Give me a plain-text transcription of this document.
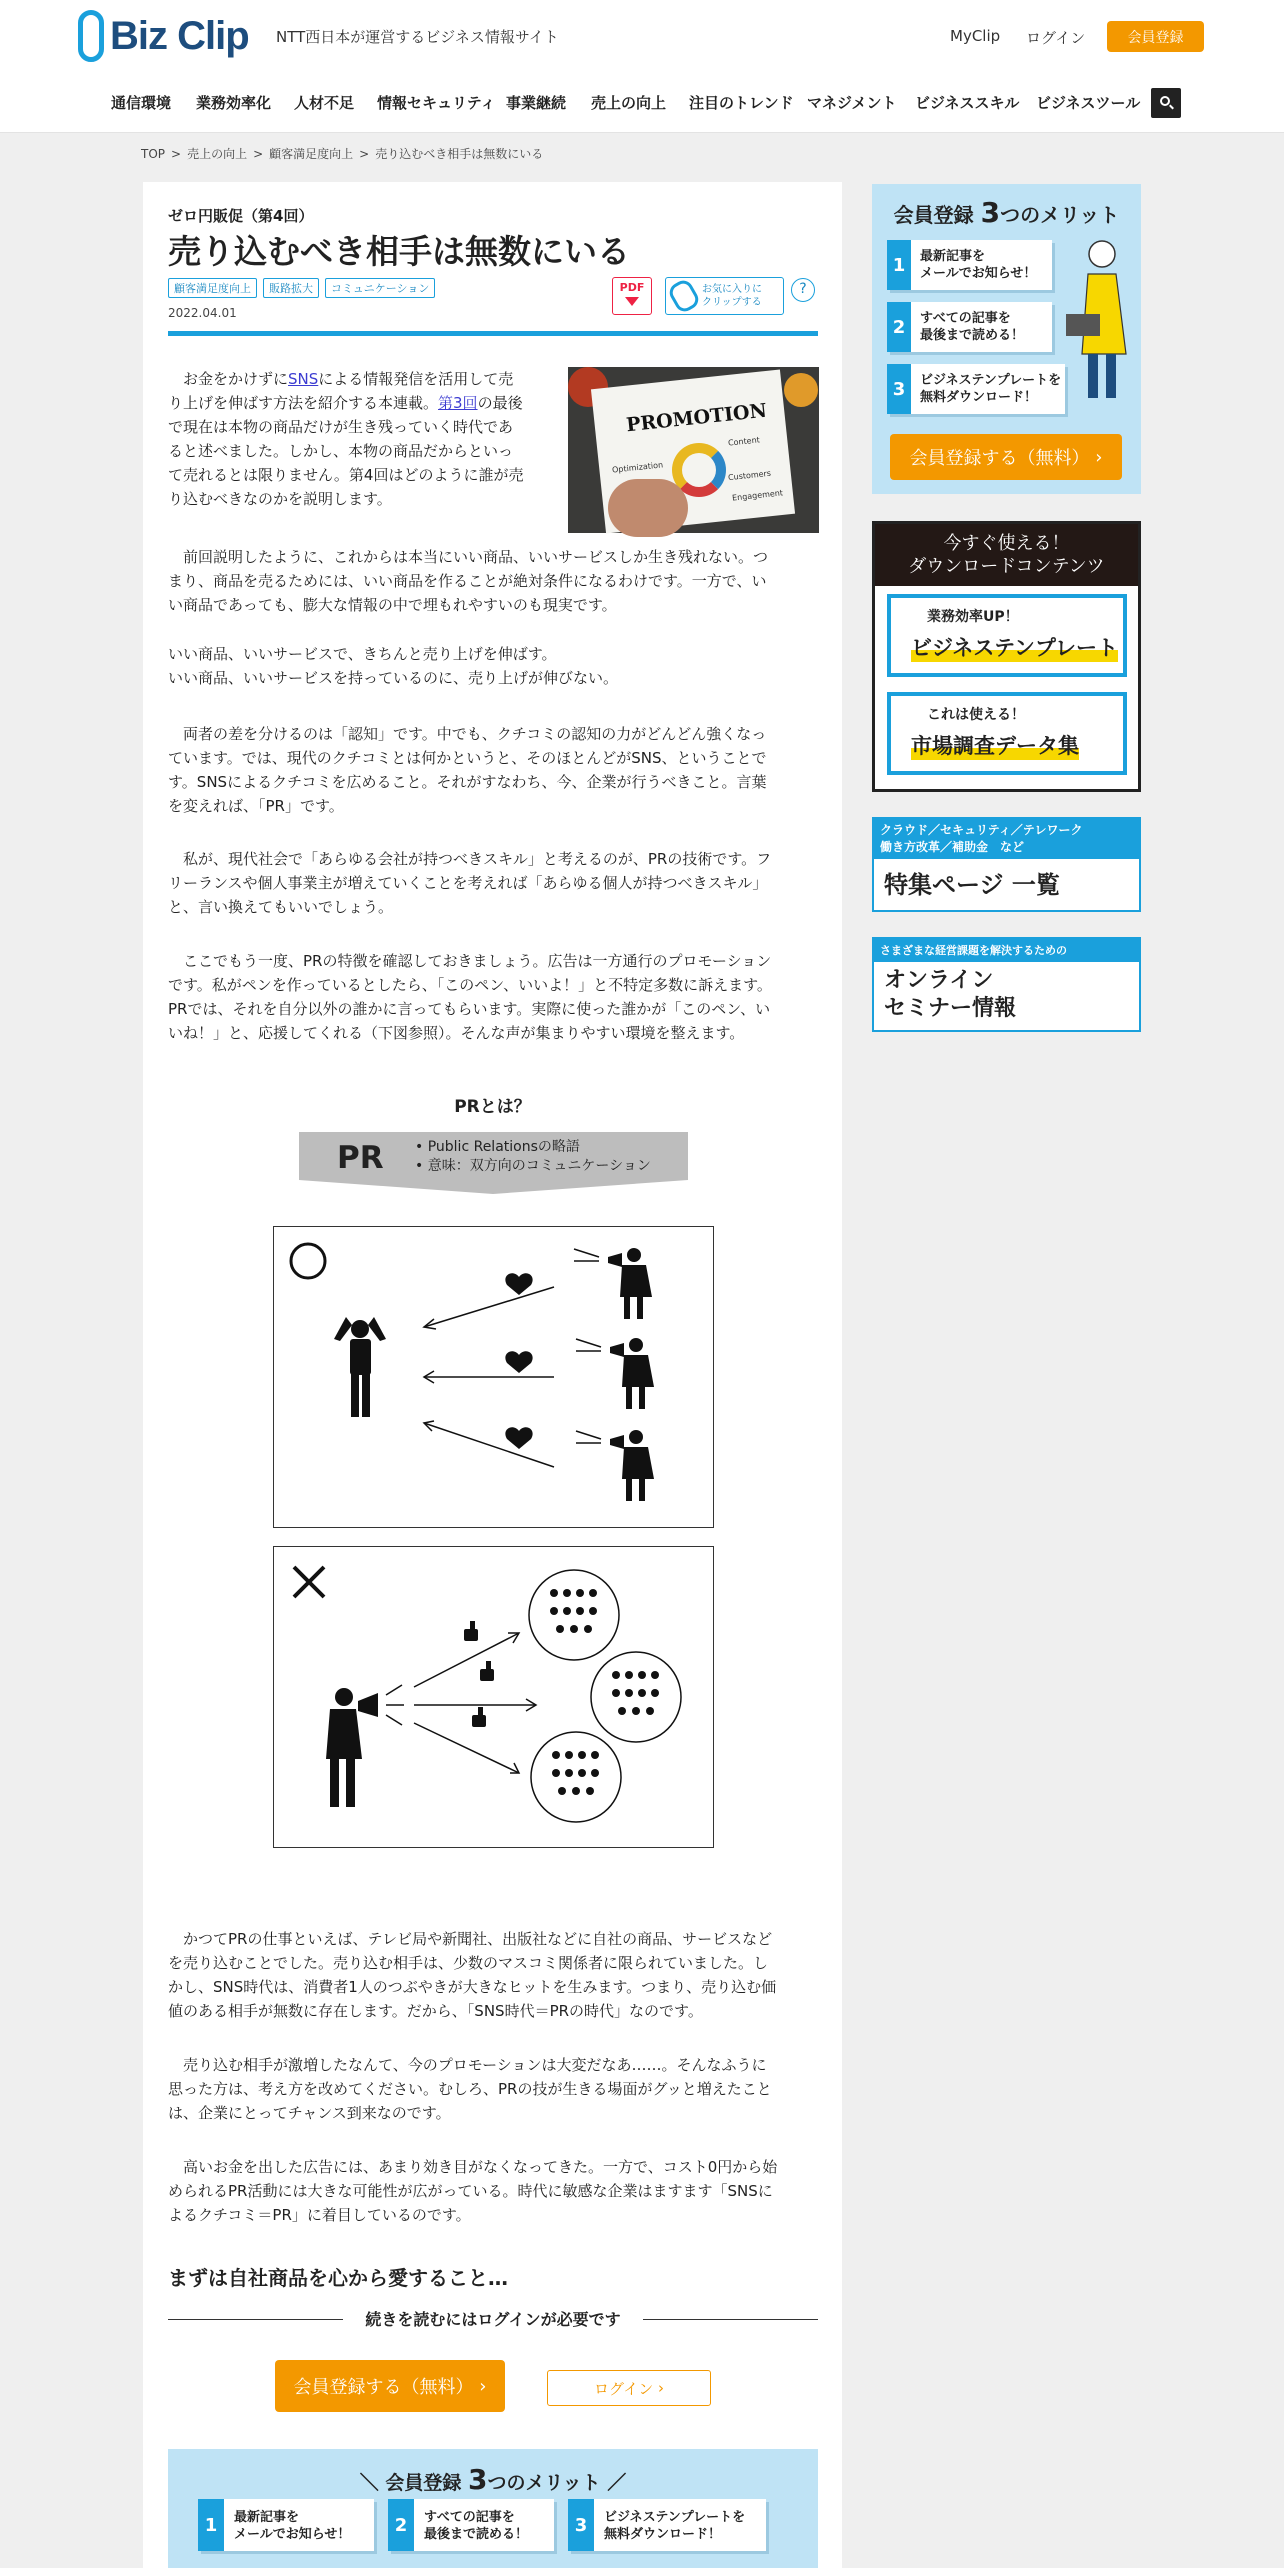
Biz Clip NTT西日本が運営するビジネス情報サイト	MyClip ログイン	会員登録
通信環境 業務効率化 人材不足 情報セキュリティ 事業継続 売上の向上 注目のトレンド マネジメント ビジネススキル ビジネスツール
TOP > 売上の向上 > 顧客満足度向上 > 売り込むべき相手は無数にいる
ゼロ円販促（第4回）
売り込むべき相手は無数にいる
顧客満足度向上	販路拡大	コミュニケーション
2022.04.01
PDF	お気に入りに
クリップする
?
　お金をかけずにSNSによる情報発信を活用して売
り上げを伸ばす方法を紹介する本連載。第3回の最後
で現在は本物の商品だけが生き残っていく時代であ
ると述べました。しかし、本物の商品だからといっ
て売れるとは限りません。第4回はどのように誰が売
り込むべきなのかを説明します。
PROMOTION
Content
Optimization
Customers
Engagement
　前回説明したように、これからは本当にいい商品、いいサービスしか生き残れない。つ
まり、商品を売るためには、いい商品を作ることが絶対条件になるわけです。一方で、い
い商品であっても、膨大な情報の中で埋もれやすいのも現実です。
いい商品、いいサービスで、きちんと売り上げを伸ばす。
いい商品、いいサービスを持っているのに、売り上げが伸びない。
　両者の差を分けるのは「認知」です。中でも、クチコミの認知の力がどんどん強くなっ
ています。では、現代のクチコミとは何かというと、そのほとんどがSNS、ということで
す。SNSによるクチコミを広めること。それがすなわち、今、企業が行うべきこと。言葉
を変えれば、「PR」です。
　私が、現代社会で「あらゆる会社が持つべきスキル」と考えるのが、PRの技術です。フ
リーランスや個人事業主が増えていくことを考えれば「あらゆる個人が持つべきスキル」
と、言い換えてもいいでしょう。
　ここでもう一度、PRの特徴を確認しておきましょう。広告は一方通行のプロモーション
です。私がペンを作っているとしたら、「このペン、いいよ！」と不特定多数に訴えます。
PRでは、それを自分以外の誰かに言ってもらいます。実際に使った誰かが「このペン、い
いね！」と、応援してくれる（下図参照）。そんな声が集まりやすい環境を整えます。
PRとは？
PR • Public Relationsの略語
• 意味：双方向のコミュニケーション
○
　かつてPRの仕事といえば、テレビ局や新聞社、出版社などに自社の商品、サービスなど
を売り込むことでした。売り込む相手は、少数のマスコミ関係者に限られていました。し
かし、SNS時代は、消費者1人のつぶやきが大きなヒットを生みます。つまり、売り込む価
値のある相手が無数に存在します。だから、「SNS時代＝PRの時代」なのです。
　売り込む相手が激増したなんて、今のプロモーションは大変だなあ……。そんなふうに
思った方は、考え方を改めてください。むしろ、PRの技が生きる場面がグッと増えたこと
は、企業にとってチャンス到来なのです。
　高いお金を出した広告には、あまり効き目がなくなってきた。一方で、コスト0円から始
められるPR活動には大きな可能性が広がっている。時代に敏感な企業はますます「SNSに
よるクチコミ＝PR」に着目しているのです。
まずは自社商品を心から愛すること…
続きを読むにはログインが必要です
会員登録する（無料） ›	ログイン ›
＼ 会員登録 3つのメリット ／
1	最新記事を
メールでお知らせ！	2	すべての記事を
最後まで読める！	3	ビジネステンプレートを
無料ダウンロード！
会員登録 3つのメリット
1	最新記事を
メールでお知らせ！
2	すべての記事を
最後まで読める！
3	ビジネステンプレートを
無料ダウンロード！
会員登録する（無料） ›
今すぐ使える！
ダウンロードコンテンツ
業務効率UP！
ビジネステンプレート
これは使える！
市場調査データ集
クラウド／セキュリティ／テレワーク
働き方改革／補助金　など
特集ページ 一覧
さまざまな経営課題を解決するための
オンライン
セミナー情報
